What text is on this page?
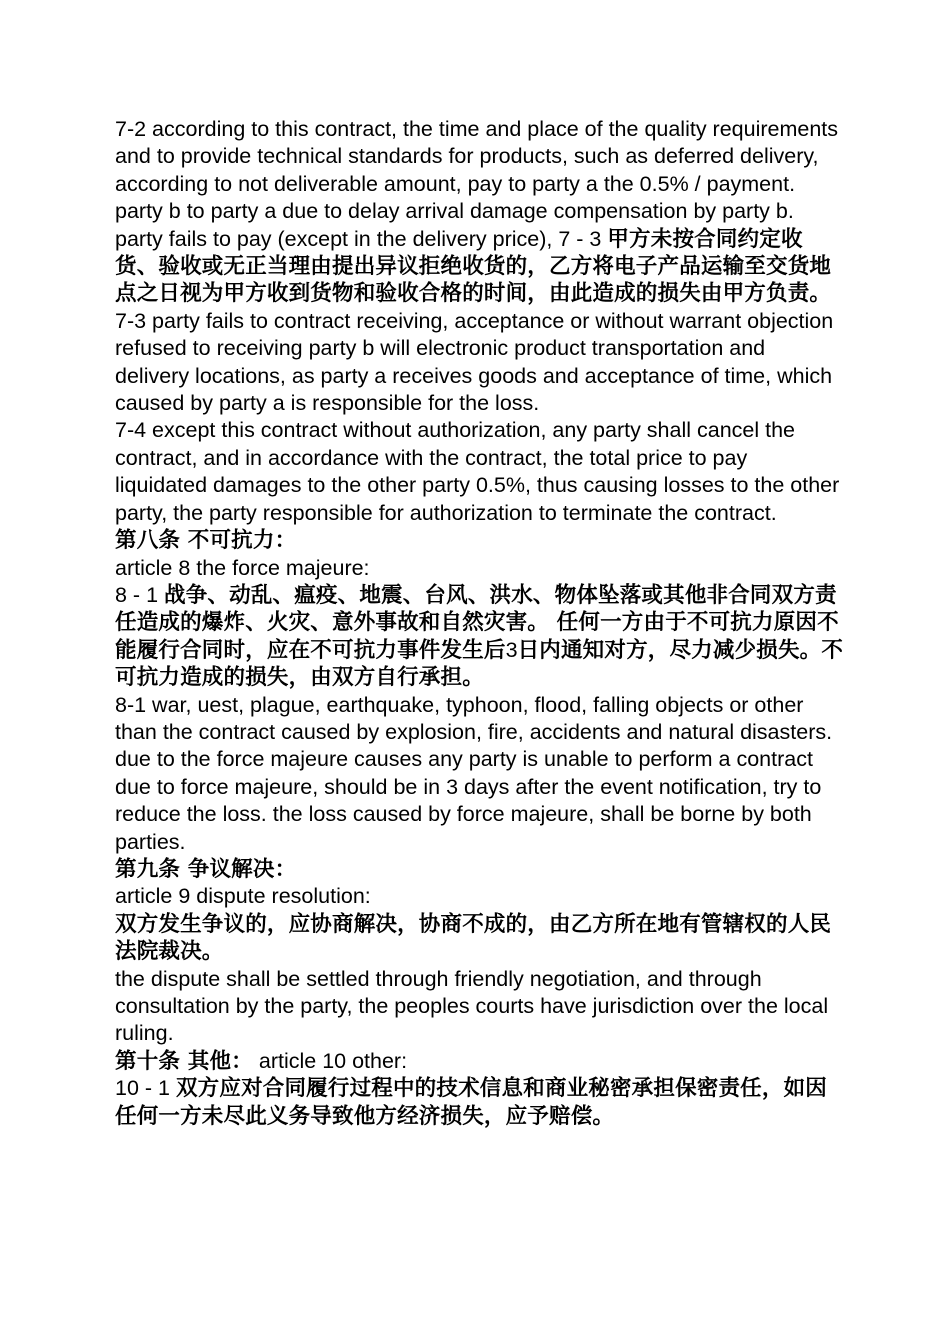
7-2 according to this contract, the time and place of the quality requirements and to provide technical standards for products, such as deferred delivery, according to not deliverable amount, pay to party a the 0.5% / payment. party b to party a due to delay arrival damage compensation by party b. party fails to pay (except in the delivery price), 7 - 3 甲方未按合同约定收货、验收或无正当理由提出异议拒绝收货的，乙方将电子产品运输至交货地点之日视为甲方收到货物和验收合格的时间，由此造成的损失由甲方负责。

7-3 party fails to contract receiving, acceptance or without warrant objection refused to receiving party b will electronic product transportation and delivery locations, as party a receives goods and acceptance of time, which caused by party a is responsible for the loss.

7-4 except this contract without authorization, any party shall cancel the contract, and in accordance with the contract, the total price to pay liquidated damages to the other party 0.5%, thus causing losses to the other party, the party responsible for authorization to terminate the contract.

第八条 不可抗力：

article 8 the force majeure:

8 - 1 战争、动乱、瘟疫、地震、台风、洪水、物体坠落或其他非合同双方责任造成的爆炸、火灾、意外事故和自然灾害。 任何一方由于不可抗力原因不能履行合同时，应在不可抗力事件发生后3日内通知对方，尽力减少损失。不可抗力造成的损失，由双方自行承担。

8-1 war, uest, plague, earthquake, typhoon, flood, falling objects or other than the contract caused by explosion, fire, accidents and natural disasters. due to the force majeure causes any party is unable to perform a contract due to force majeure, should be in 3 days after the event notification, try to reduce the loss. the loss caused by force majeure, shall be borne by both parties.

第九条 争议解决：

article 9 dispute resolution:

双方发生争议的，应协商解决，协商不成的，由乙方所在地有管辖权的人民法院裁决。

the dispute shall be settled through friendly negotiation, and through consultation by the party, the peoples courts have jurisdiction over the local ruling.

第十条 其他： article 10 other:

10 - 1 双方应对合同履行过程中的技术信息和商业秘密承担保密责任，如因任何一方未尽此义务导致他方经济损失，应予赔偿。
